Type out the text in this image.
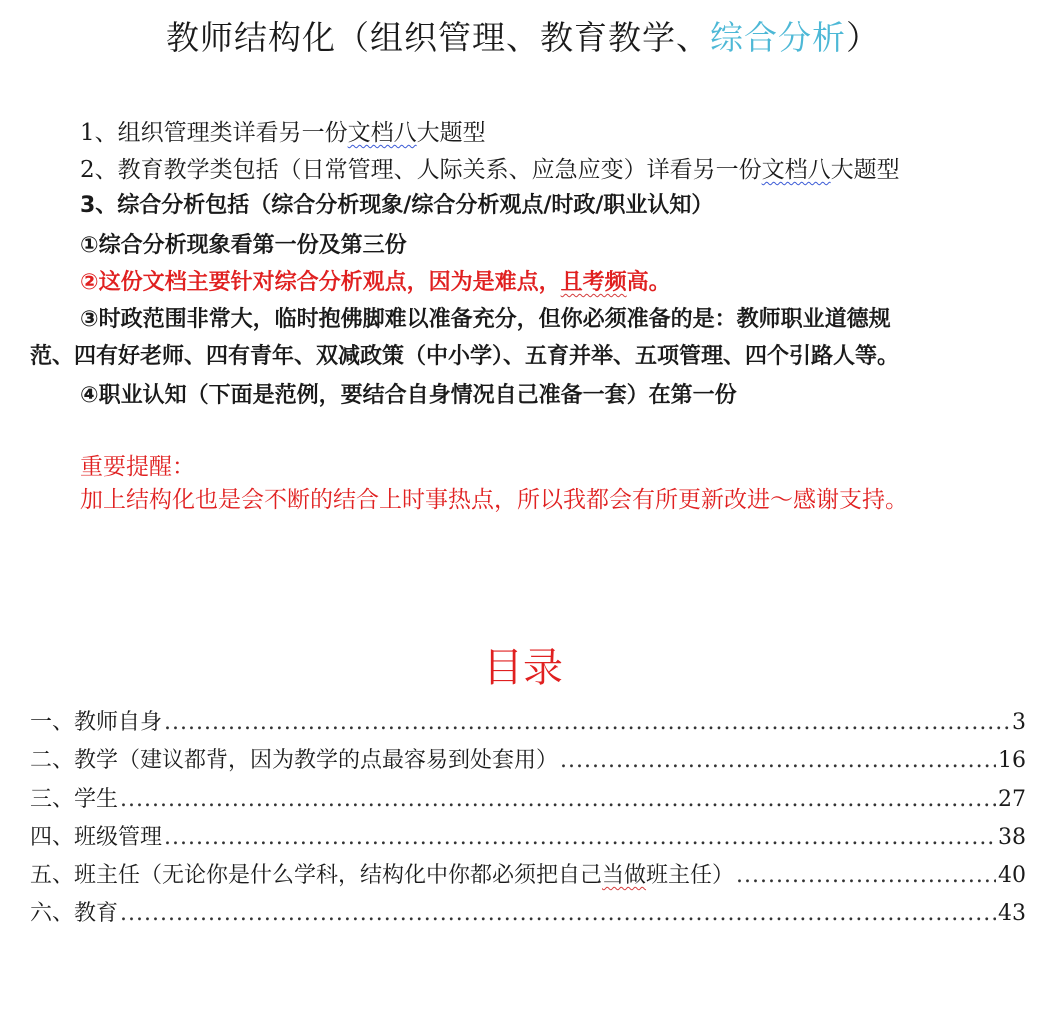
教师结构化（组织管理、教育教学、综合分析）
1、组织管理类详看另一份文档八大题型
2、教育教学类包括（日常管理、人际关系、应急应变）详看另一份文档八大题型
3、综合分析包括（综合分析现象/综合分析观点/时政/职业认知）
①综合分析现象看第一份及第三份
②这份文档主要针对综合分析观点，因为是难点，且考频高。
③时政范围非常大，临时抱佛脚难以准备充分，但你必须准备的是：教师职业道德规
范、四有好老师、四有青年、双减政策（中小学）、五育并举、五项管理、四个引路人等。
④职业认知（下面是范例，要结合自身情况自己准备一套）在第一份
重要提醒：
加上结构化也是会不断的结合上时事热点，所以我都会有所更新改进～感谢支持。
目录
一、教师自身 .....	3
二、教学（建议都背，因为教学的点最容易到处套用） .....	16
三、学生 .....	27
四、班级管理 .....	38
五、班主任（无论你是什么学科，结构化中你都必须把自己当做班主任） .....	40
六、教育 .....	43
